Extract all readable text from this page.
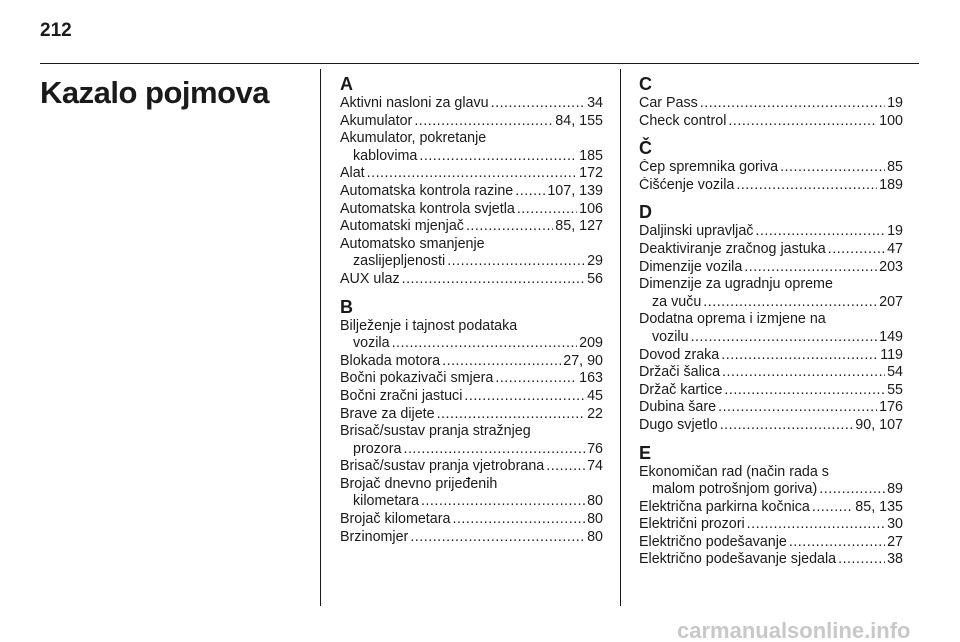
212
Kazalo pojmova	A
Aktivni nasloni za glavu .....	34
Akumulator .....	84, 155
Akumulator, pokretanje
kablovima .....	185
Alat .....	172
Automatska kontrola razine ..... 107, 139
Automatska kontrola svjetla .....	106
Automatski mjenjač .....	85, 127
Automatsko smanjenje
zaslijepljenosti .....	29
AUX ulaz .....	56
B
Bilježenje i tajnost podataka
vozila .....	209
Blokada motora .....	27, 90
Bočni pokazivači smjera .....	163
Bočni zračni jastuci .....	45
Brave za dijete .....	22
Brisač/sustav pranja stražnjeg
prozora .....	76
Brisač/sustav pranja vjetrobrana .....	74
Brojač dnevno prijeđenih
kilometara .....	80
Brojač kilometara .....	80
Brzinomjer .....	80
C
Car Pass .....	19
Check control .....	100
Č
Čep spremnika goriva .....	85
Čišćenje vozila .....	189
D
Daljinski upravljač .....	19
Deaktiviranje zračnog jastuka .....	47
Dimenzije vozila .....	203
Dimenzije za ugradnju opreme
za vuču .....	207
Dodatna oprema i izmjene na
vozilu .....	149
Dovod zraka .....	119
Držači šalica .....	54
Držač kartice .....	55
Dubina šare .....	176
Dugo svjetlo .....	90, 107
E
Ekonomičan rad (način rada s
malom potrošnjom goriva) .....	89
Električna parkirna kočnica .....	85, 135
Električni prozori .....	30
Električno podešavanje .....	27
Električno podešavanje sjedala .....	38
carmanualsonline.info
